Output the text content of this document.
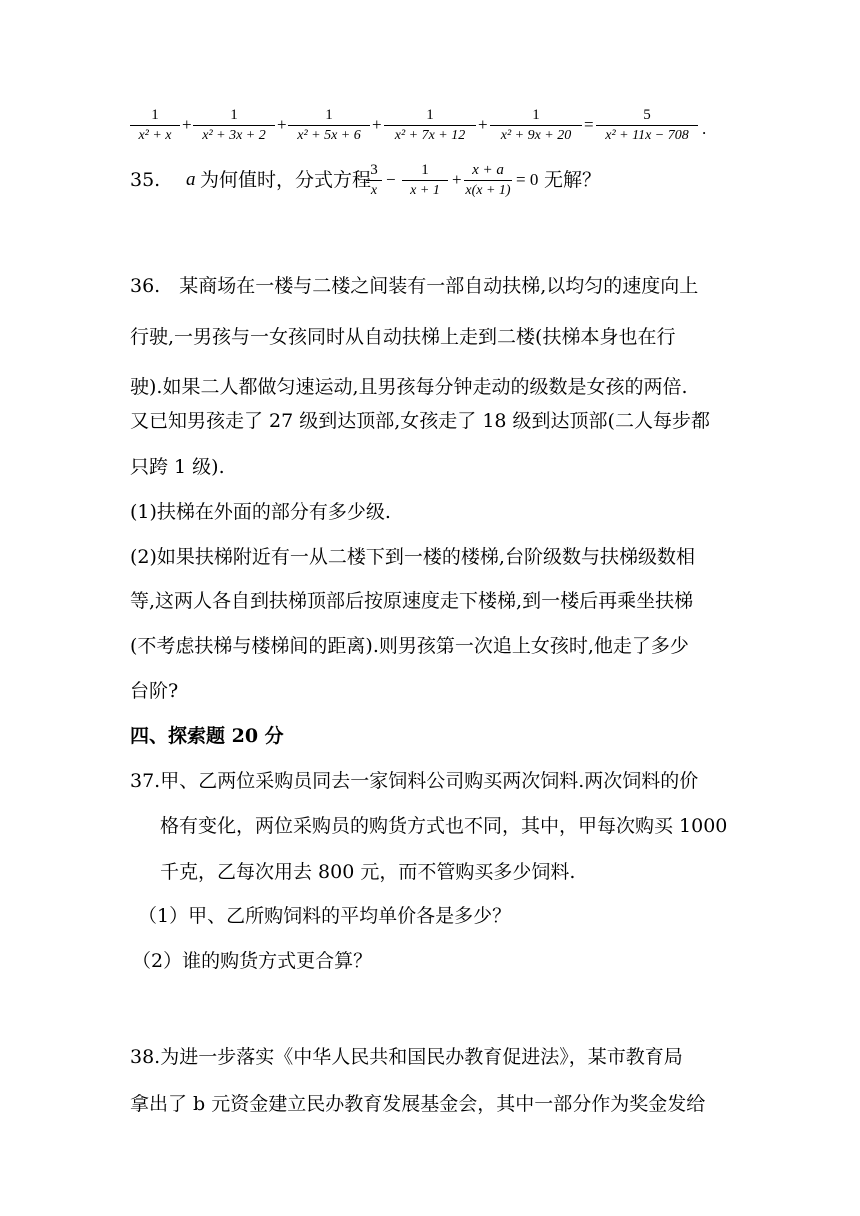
1
x² + x
+	1
x² + 3x + 2
+	1
x² + 5x + 6
+	1
x² + 7x + 12
+	1
x² + 9x + 20
=	5
x² + 11x − 708 .
35. a 为何值时，分式方程 3
x
−	1
x + 1
+ x + a
x(x + 1)
= 0 无解？
36.　某商场在一楼与二楼之间装有一部自动扶梯,以均匀的速度向上
行驶,一男孩与一女孩同时从自动扶梯上走到二楼(扶梯本身也在行
驶).如果二人都做匀速运动,且男孩每分钟走动的级数是女孩的两倍.
又已知男孩走了 27 级到达顶部,女孩走了 18 级到达顶部(二人每步都
只跨 1 级).
(1)扶梯在外面的部分有多少级.
(2)如果扶梯附近有一从二楼下到一楼的楼梯,台阶级数与扶梯级数相
等,这两人各自到扶梯顶部后按原速度走下楼梯,到一楼后再乘坐扶梯
(不考虑扶梯与楼梯间的距离).则男孩第一次追上女孩时,他走了多少
台阶?
四、探索题 20 分
37.甲、乙两位采购员同去一家饲料公司购买两次饲料.两次饲料的价
格有变化，两位采购员的购货方式也不同，其中，甲每次购买 1000
千克，乙每次用去 800 元，而不管购买多少饲料.
（1）甲、乙所购饲料的平均单价各是多少？
（2）谁的购货方式更合算？
38.为进一步落实《中华人民共和国民办教育促进法》，某市教育局
拿出了 b 元资金建立民办教育发展基金会，其中一部分作为奖金发给
